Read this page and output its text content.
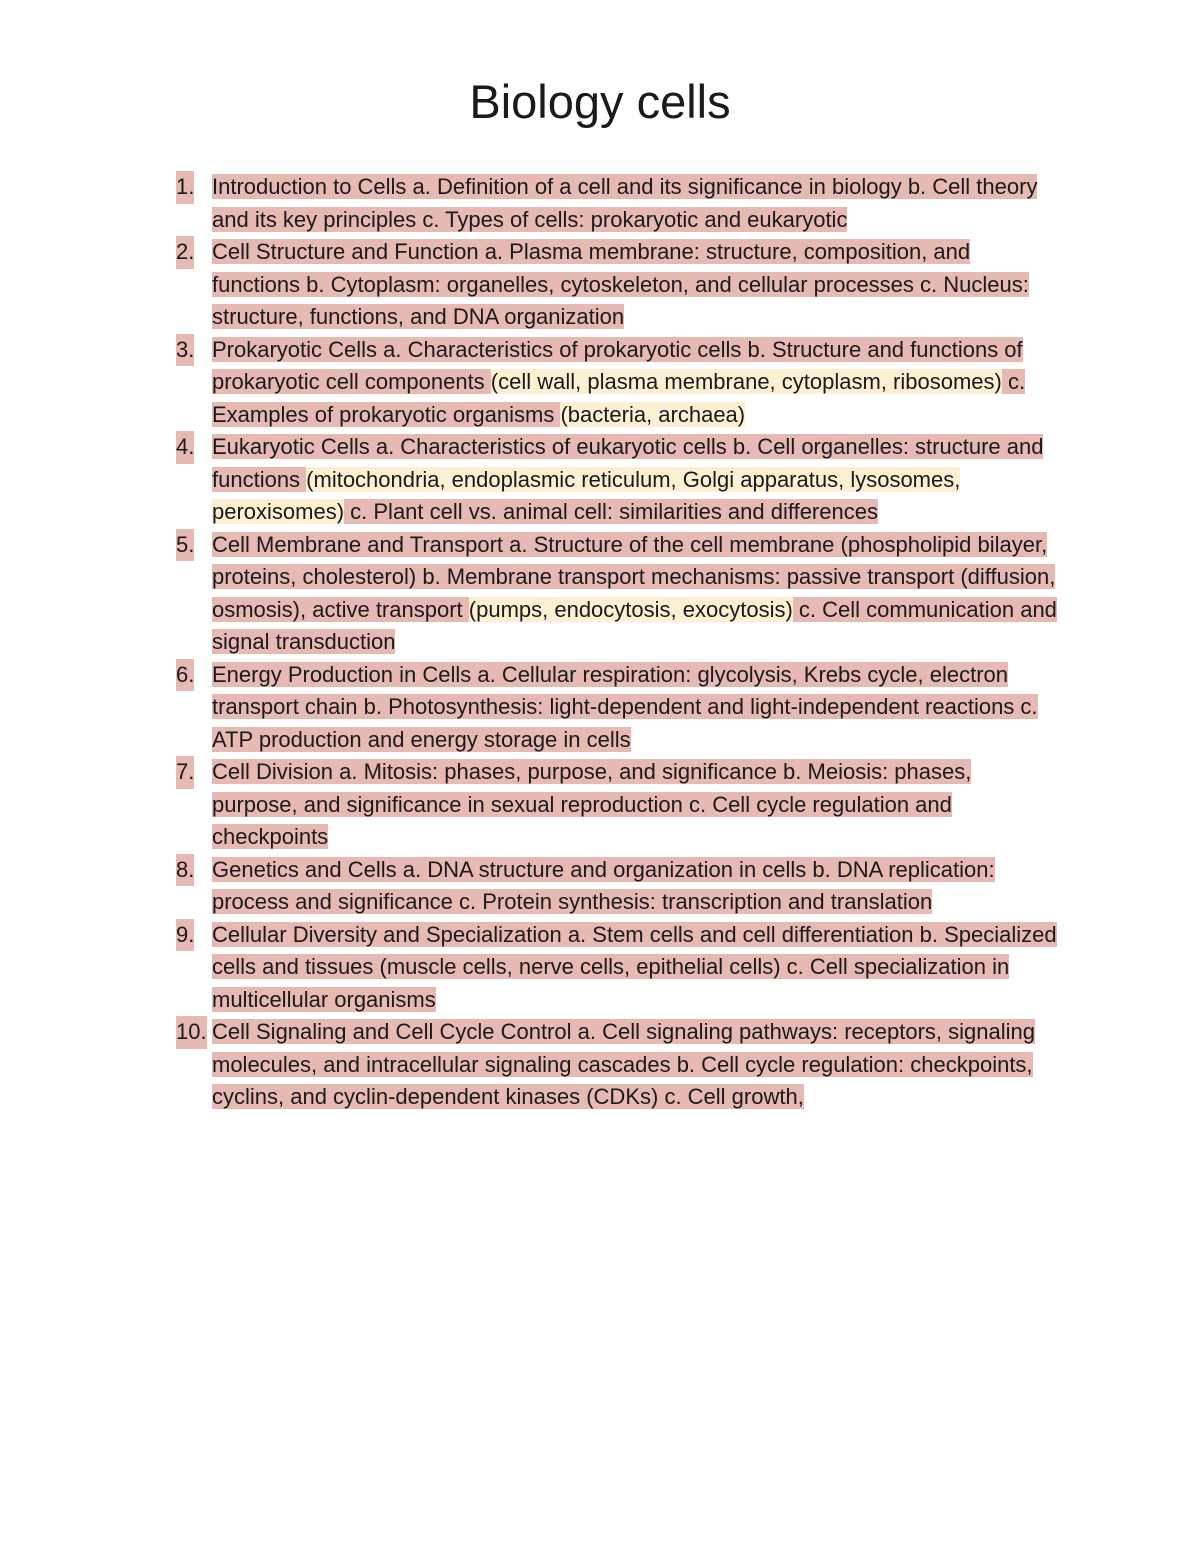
Biology cells
1. Introduction to Cells a. Definition of a cell and its significance in biology b. Cell theory and its key principles c. Types of cells: prokaryotic and eukaryotic
2. Cell Structure and Function a. Plasma membrane: structure, composition, and functions b. Cytoplasm: organelles, cytoskeleton, and cellular processes c. Nucleus: structure, functions, and DNA organization
3. Prokaryotic Cells a. Characteristics of prokaryotic cells b. Structure and functions of prokaryotic cell components (cell wall, plasma membrane, cytoplasm, ribosomes) c. Examples of prokaryotic organisms (bacteria, archaea)
4. Eukaryotic Cells a. Characteristics of eukaryotic cells b. Cell organelles: structure and functions (mitochondria, endoplasmic reticulum, Golgi apparatus, lysosomes, peroxisomes) c. Plant cell vs. animal cell: similarities and differences
5. Cell Membrane and Transport a. Structure of the cell membrane (phospholipid bilayer, proteins, cholesterol) b. Membrane transport mechanisms: passive transport (diffusion, osmosis), active transport (pumps, endocytosis, exocytosis) c. Cell communication and signal transduction
6. Energy Production in Cells a. Cellular respiration: glycolysis, Krebs cycle, electron transport chain b. Photosynthesis: light-dependent and light-independent reactions c. ATP production and energy storage in cells
7. Cell Division a. Mitosis: phases, purpose, and significance b. Meiosis: phases, purpose, and significance in sexual reproduction c. Cell cycle regulation and checkpoints
8. Genetics and Cells a. DNA structure and organization in cells b. DNA replication: process and significance c. Protein synthesis: transcription and translation
9. Cellular Diversity and Specialization a. Stem cells and cell differentiation b. Specialized cells and tissues (muscle cells, nerve cells, epithelial cells) c. Cell specialization in multicellular organisms
10. Cell Signaling and Cell Cycle Control a. Cell signaling pathways: receptors, signaling molecules, and intracellular signaling cascades b. Cell cycle regulation: checkpoints, cyclins, and cyclin-dependent kinases (CDKs) c. Cell growth,
